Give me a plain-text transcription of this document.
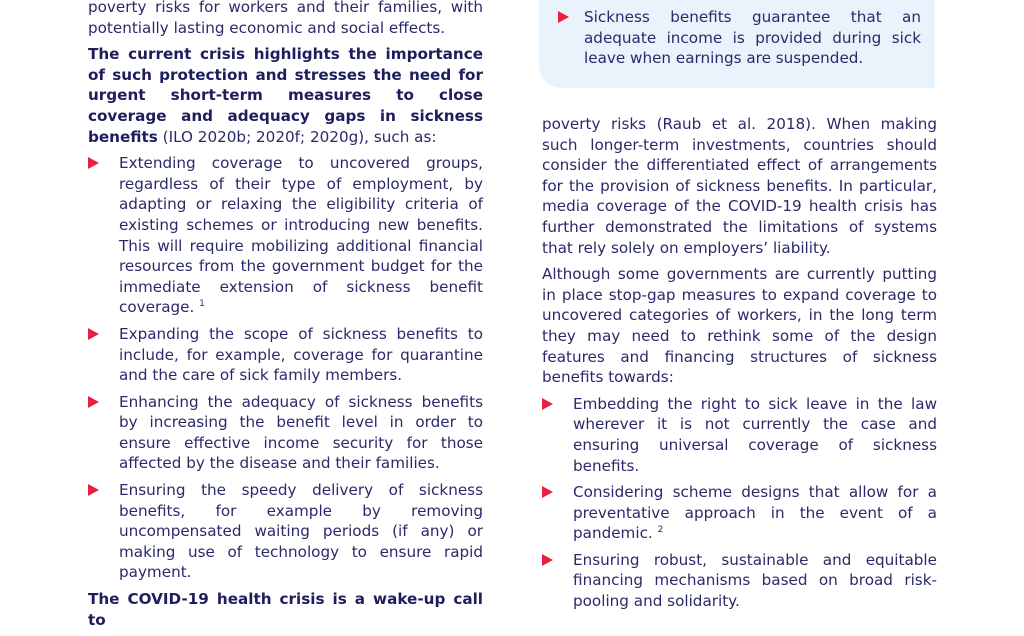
poverty risks for workers and their families, with potentially lasting economic and social effects.

The current crisis highlights the importance of such protection and stresses the need for urgent short-term measures to close coverage and adequacy gaps in sickness benefits (ILO 2020b; 2020f; 2020g), such as:

Extending coverage to uncovered groups, regardless of their type of employment, by adapting or relaxing the eligibility criteria of existing schemes or introducing new benefits. This will require mobilizing additional financial resources from the government budget for the immediate extension of sickness benefit coverage. $^1$
Expanding the scope of sickness benefits to include, for example, coverage for quarantine and the care of sick family members.
Enhancing the adequacy of sickness benefits by increasing the benefit level in order to ensure effective income security for those affected by the disease and their families.
Ensuring the speedy delivery of sickness benefits, for example by removing uncompensated waiting periods (if any) or making use of technology to ensure rapid payment.

The COVID-19 health crisis is a wake-up call to

Sickness benefits guarantee that an adequate income is provided during sick leave when earnings are suspended.

poverty risks (Raub et al. 2018). When making such longer-term investments, countries should consider the differentiated effect of arrangements for the provision of sickness benefits. In particular, media coverage of the COVID-19 health crisis has further demonstrated the limitations of systems that rely solely on employers’ liability.

Although some governments are currently putting in place stop-gap measures to expand coverage to uncovered categories of workers, in the long term they may need to rethink some of the design features and financing structures of sickness benefits towards:

Embedding the right to sick leave in the law wherever it is not currently the case and ensuring universal coverage of sickness benefits.
Considering scheme designs that allow for a preventative approach in the event of a pandemic. $^2$
Ensuring robust, sustainable and equitable financing mechanisms based on broad risk-pooling and solidarity.
